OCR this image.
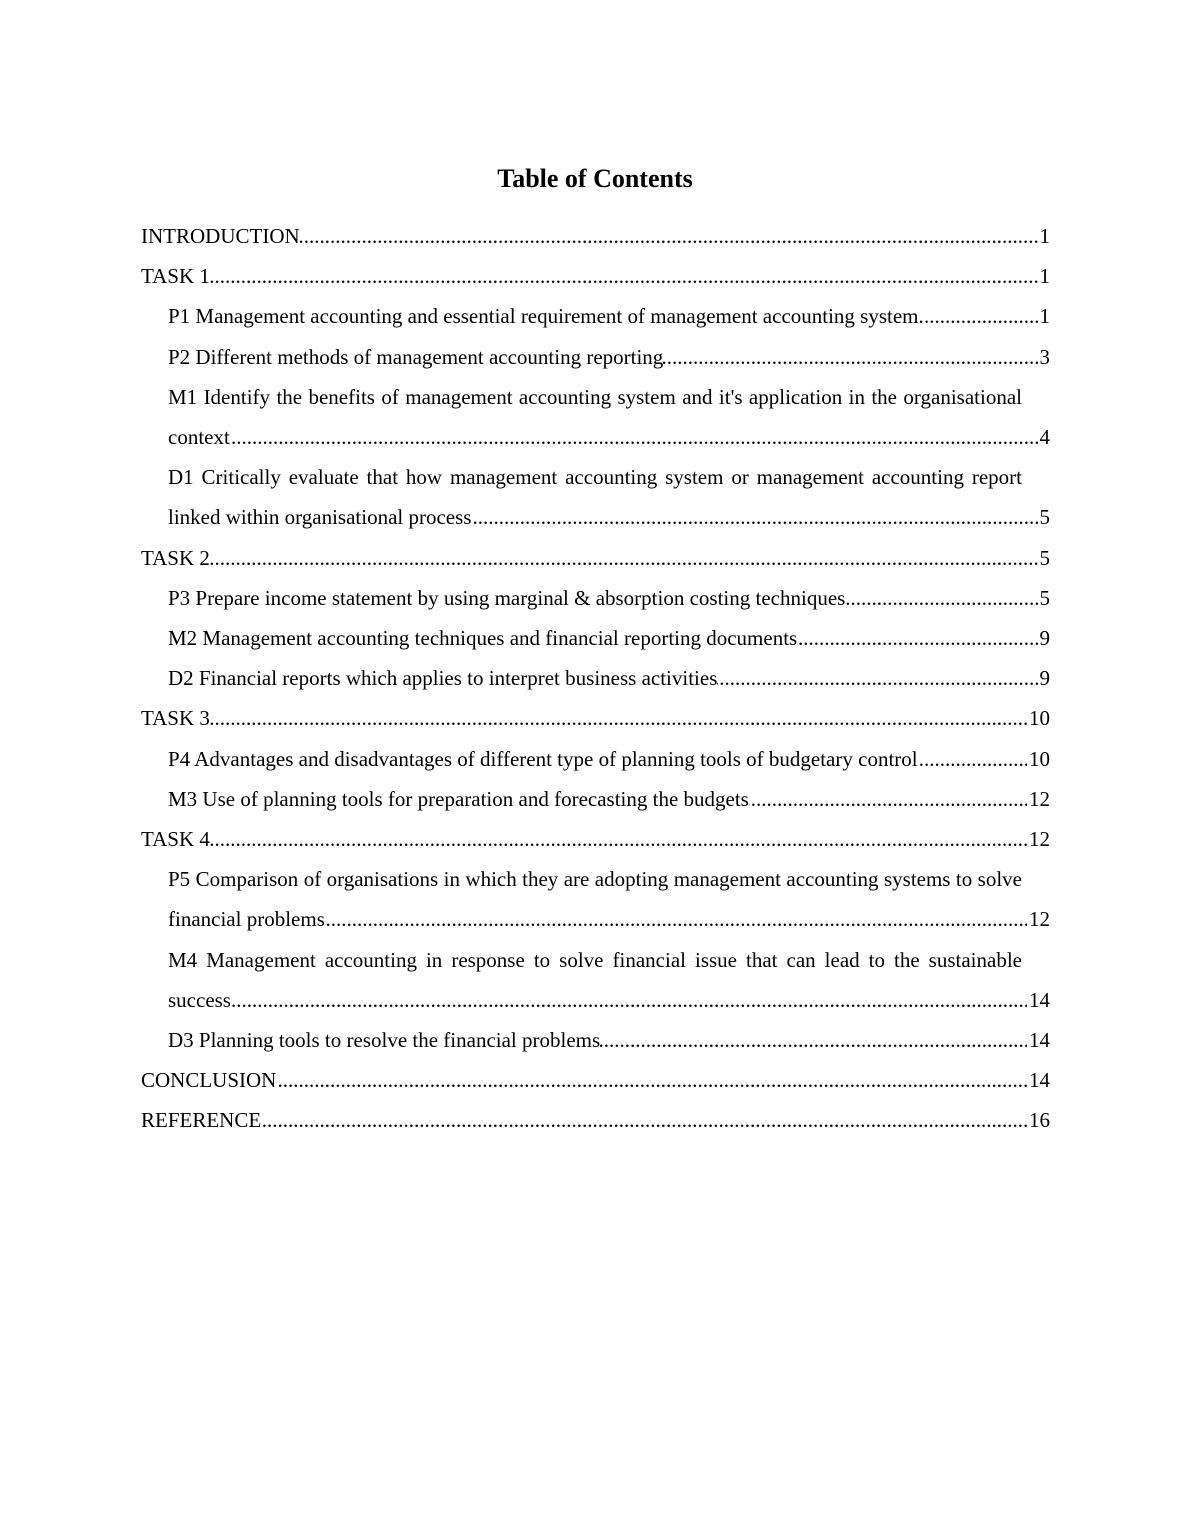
Table of Contents
..... INTRODUCTION	1
..... TASK 1	1
..... P1 Management accounting and essential requirement of management accounting system.	1
..... P2 Different methods of management accounting reporting	3
..... M1 Identify the benefits of management accounting system and it's application in the organisational context	4
..... D1 Critically evaluate that how management accounting system or management accounting report linked within organisational process	5
..... TASK 2	5
..... P3 Prepare income statement by using marginal & absorption costing techniques	5
..... M2 Management accounting techniques and financial reporting documents	9
..... D2 Financial reports which applies to interpret business activities	9
..... TASK 3	10
..... P4 Advantages and disadvantages of different type of planning tools of budgetary control	10
..... M3 Use of planning tools for preparation and forecasting the budgets	12
..... TASK 4	12
..... P5 Comparison of organisations in which they are adopting management accounting systems to solve financial problems	12
..... M4 Management accounting in response to solve financial issue that can lead to the sustainable success	14
..... D3 Planning tools to resolve the financial problems	14
..... CONCLUSION	14
..... REFERENCE	16
